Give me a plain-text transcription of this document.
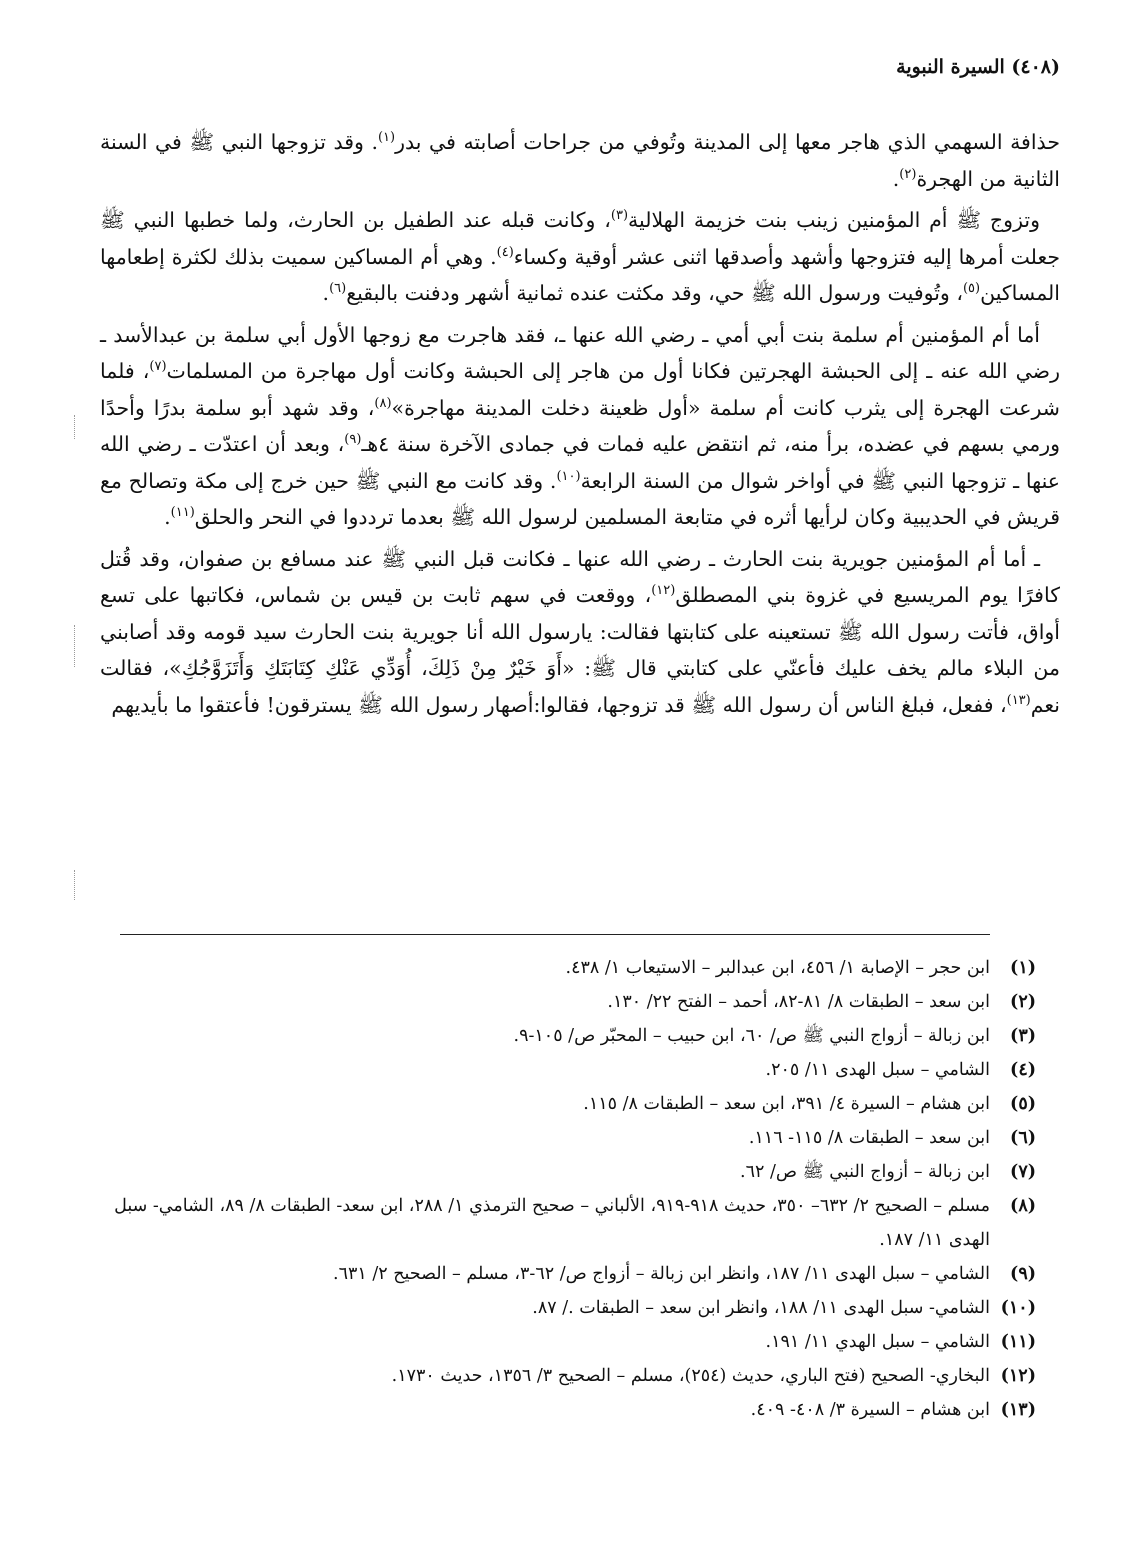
(٤٠٨) السيرة النبوية

حذافة السهمي الذي هاجر معها إلى المدينة وتُوفي من جراحات أصابته في بدر$^{(١)}$. وقد تزوجها النبي ﷺ في السنة الثانية من الهجرة$^{(٢)}$.

وتزوج ﷺ أم المؤمنين زينب بنت خزيمة الهلالية$^{(٣)}$، وكانت قبله عند الطفيل بن الحارث، ولما خطبها النبي ﷺ جعلت أمرها إليه فتزوجها وأشهد وأصدقها اثنى عشر أوقية وكساء$^{(٤)}$. وهي أم المساكين سميت بذلك لكثرة إطعامها المساكين$^{(٥)}$، وتُوفيت ورسول الله ﷺ حي، وقد مكثت عنده ثمانية أشهر ودفنت بالبقيع$^{(٦)}$.

أما أم المؤمنين أم سلمة بنت أبي أمي ـ رضي الله عنها ـ، فقد هاجرت مع زوجها الأول أبي سلمة بن عبدالأسد ـ رضي الله عنه ـ إلى الحبشة الهجرتين فكانا أول من هاجر إلى الحبشة وكانت أول مهاجرة من المسلمات$^{(٧)}$، فلما شرعت الهجرة إلى يثرب كانت أم سلمة «أول ظعينة دخلت المدينة مهاجرة»$^{(٨)}$، وقد شهد أبو سلمة بدرًا وأحدًا ورمي بسهم في عضده، برأ منه، ثم انتقض عليه فمات في جمادى الآخرة سنة ٤هـ$^{(٩)}$، وبعد أن اعتدّت ـ رضي الله عنها ـ تزوجها النبي ﷺ في أواخر شوال من السنة الرابعة$^{(١٠)}$. وقد كانت مع النبي ﷺ حين خرج إلى مكة وتصالح مع قريش في الحديبية وكان لرأيها أثره في متابعة المسلمين لرسول الله ﷺ بعدما ترددوا في النحر والحلق$^{(١١)}$.

ـ أما أم المؤمنين جويرية بنت الحارث ـ رضي الله عنها ـ فكانت قبل النبي ﷺ عند مسافع بن صفوان، وقد قُتل كافرًا يوم المريسيع في غزوة بني المصطلق$^{(١٢)}$، ووقعت في سهم ثابت بن قيس بن شماس، فكاتبها على تسع أواق، فأتت رسول الله ﷺ تستعينه على كتابتها فقالت: يارسول الله أنا جويرية بنت الحارث سيد قومه وقد أصابني من البلاء مالم يخف عليك فأعنّي على كتابتي قال ﷺ: «أَوَ خَيْرٌ مِنْ ذَلِكَ، أُوَدِّي عَنْكِ كِتَابَتَكِ وَأَتَزَوَّجُكِ»، فقالت نعم$^{(١٣)}$، ففعل، فبلغ الناس أن رسول الله ﷺ قد تزوجها، فقالوا:أصهار رسول الله ﷺ يسترقون! فأعتقوا ما بأيديهم

(١)
ابن حجر – الإصابة ١/ ٤٥٦، ابن عبدالبر – الاستيعاب ١/ ٤٣٨.
(٢)
ابن سعد – الطبقات ٨/ ٨١-٨٢، أحمد – الفتح ٢٢/ ١٣٠.
(٣)
ابن زبالة – أزواج النبي ﷺ ص/ ٦٠، ابن حبيب – المحبّر ص/ ١٠٥-٩.
(٤)
الشامي – سبل الهدى ١١/ ٢٠٥.
(٥)
ابن هشام – السيرة ٤/ ٣٩١، ابن سعد – الطبقات ٨/ ١١٥.
(٦)
ابن سعد – الطبقات ٨/ ١١٥- ١١٦.
(٧)
ابن زبالة – أزواج النبي ﷺ ص/ ٦٢.
(٨)
مسلم – الصحيح ٢/ ٦٣٢– ٣٥٠، حديث ٩١٨-٩١٩، الألباني – صحيح الترمذي ١/ ٢٨٨، ابن سعد- الطبقات ٨/ ٨٩، الشامي- سبل الهدى ١١/ ١٨٧.
(٩)
الشامي – سبل الهدى ١١/ ١٨٧، وانظر ابن زبالة – أزواج ص/ ٦٢-٣، مسلم – الصحيح ٢/ ٦٣١.
(١٠)
الشامي- سبل الهدى ١١/ ١٨٨، وانظر ابن سعد – الطبقات ./ ٨٧.
(١١)
الشامي – سبل الهدي ١١/ ١٩١.
(١٢)
البخاري- الصحيح (فتح الباري، حديث (٢٥٤)، مسلم – الصحيح ٣/ ١٣٥٦، حديث ١٧٣٠.
(١٣)
ابن هشام – السيرة ٣/ ٤٠٨- ٤٠٩.
